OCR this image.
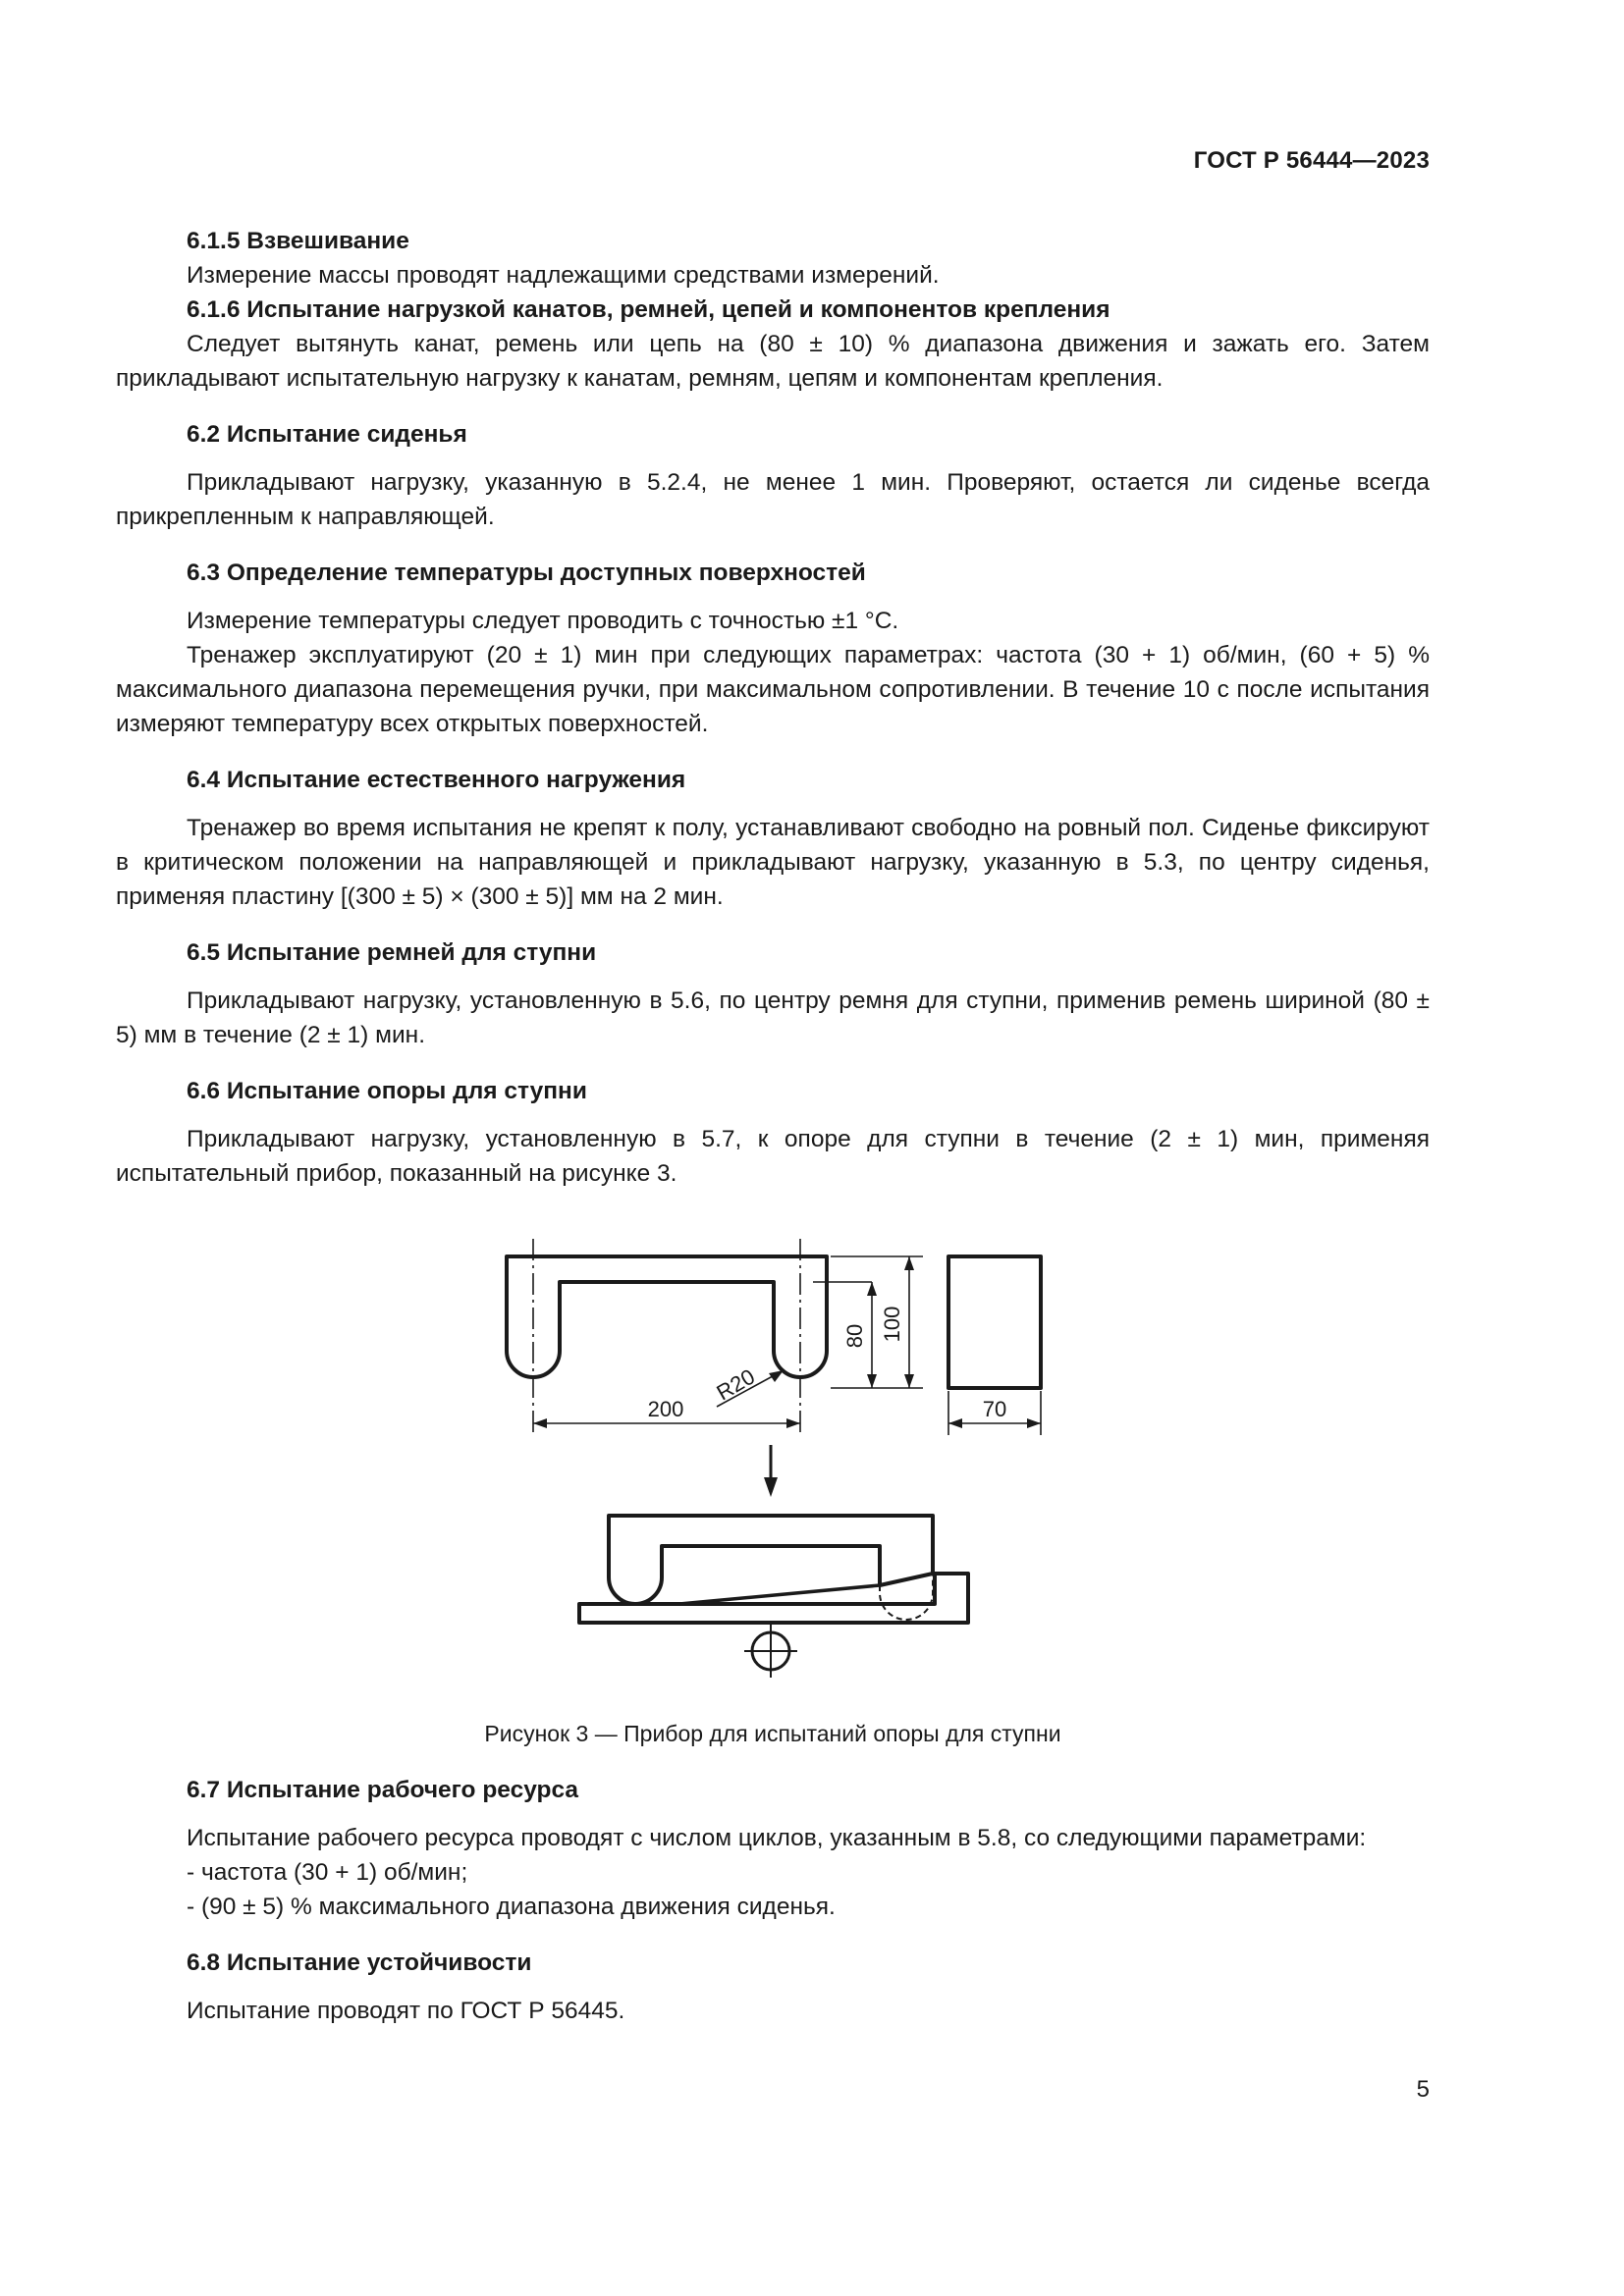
ГОСТ Р 56444—2023
6.1.5 Взвешивание

Измерение массы проводят надлежащими средствами измерений.

6.1.6 Испытание нагрузкой канатов, ремней, цепей и компонентов крепления

Следует вытянуть канат, ремень или цепь на (80 ± 10) % диапазона движения и зажать его. Затем прикладывают испытательную нагрузку к канатам, ремням, цепям и компонентам крепления.

6.2 Испытание сиденья

Прикладывают нагрузку, указанную в 5.2.4, не менее 1 мин. Проверяют, остается ли сиденье всегда прикрепленным к направляющей.

6.3 Определение температуры доступных поверхностей

Измерение температуры следует проводить с точностью ±1 °С.

Тренажер эксплуатируют (20 ± 1) мин при следующих параметрах: частота (30 + 1) об/мин, (60 + 5) % максимального диапазона перемещения ручки, при максимальном сопротивлении. В течение 10 с после испытания измеряют температуру всех открытых поверхностей.

6.4 Испытание естественного нагружения

Тренажер во время испытания не крепят к полу, устанавливают свободно на ровный пол. Сиденье фиксируют в критическом положении на направляющей и прикладывают нагрузку, указанную в 5.3, по центру сиденья, применяя пластину [(300 ± 5) × (300 ± 5)] мм на 2 мин.

6.5 Испытание ремней для ступни

Прикладывают нагрузку, установленную в 5.6, по центру ремня для ступни, применив ремень шириной (80 ± 5) мм в течение (2 ± 1) мин.

6.6 Испытание опоры для ступни

Прикладывают нагрузку, установленную в 5.7, к опоре для ступни в течение (2 ± 1) мин, применяя испытательный прибор, показанный на рисунке 3.

80 100
R20
200	70
Рисунок 3 — Прибор для испытаний опоры для ступни
6.7 Испытание рабочего ресурса

Испытание рабочего ресурса проводят с числом циклов, указанным в 5.8, со следующими параметрами:

- частота (30 + 1) об/мин;
- (90 ± 5) % максимального диапазона движения сиденья.
6.8 Испытание устойчивости

Испытание проводят по ГОСТ Р 56445.

5
